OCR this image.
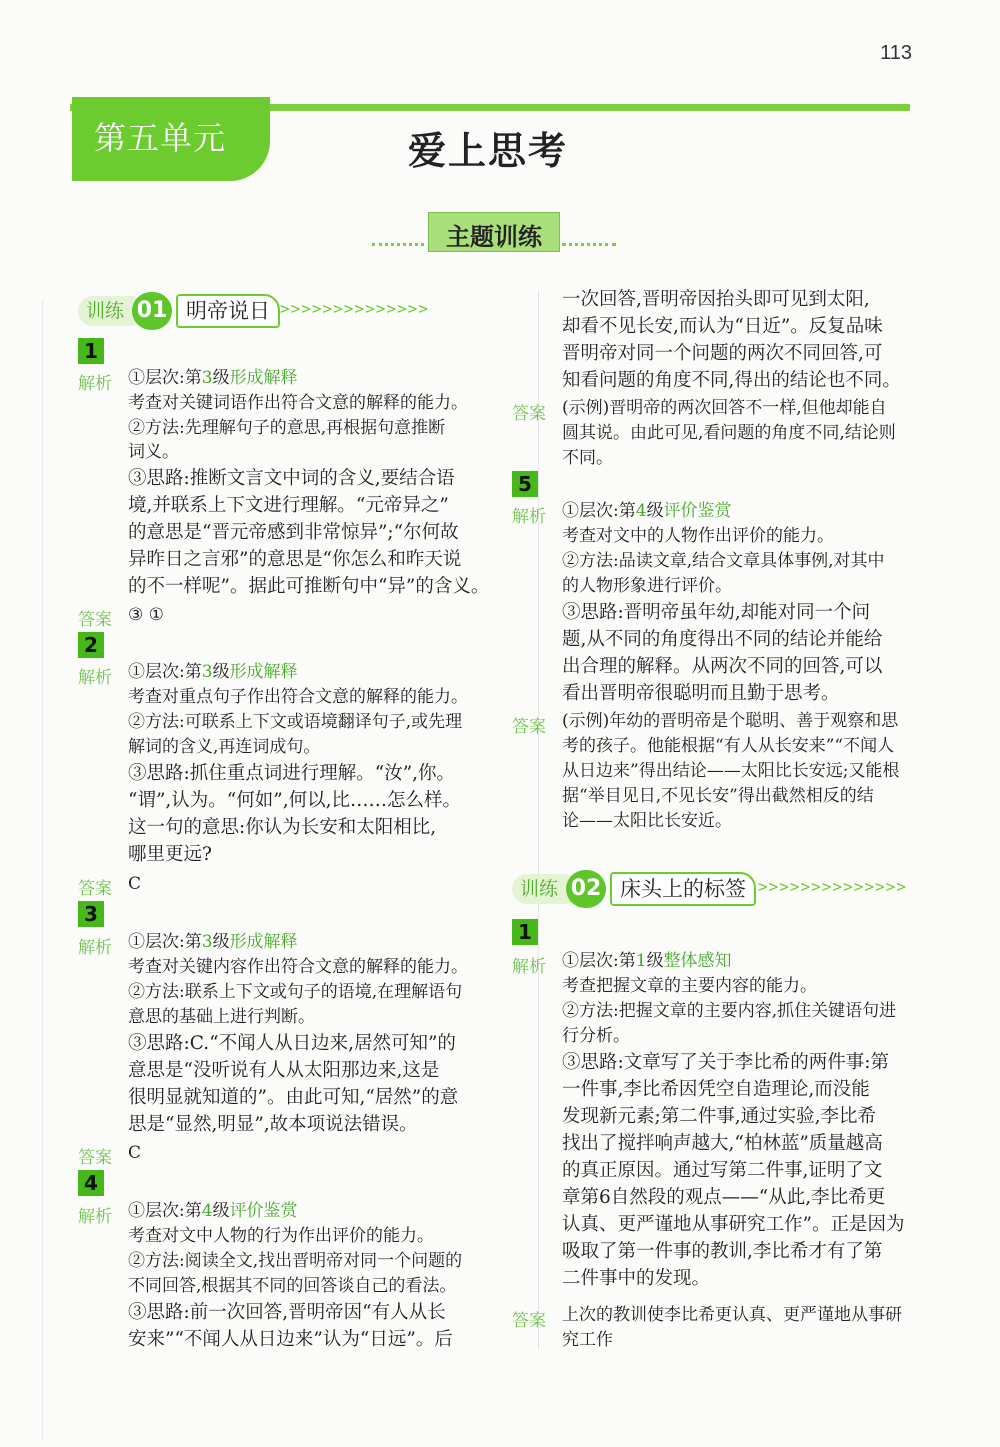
113
第五单元	爱上思考
主题训练
训练 01 明帝说日 >>>>>>>>>>>>>>
1
解析 ①层次:第3级形成解释
考查对关键词语作出符合文意的解释的能力。
②方法:先理解句子的意思,再根据句意推断
词义。
③思路:推断文言文中词的含义,要结合语
境,并联系上下文进行理解。“元帝异之”
的意思是“晋元帝感到非常惊异”;“尔何故
异昨日之言邪”的意思是“你怎么和昨天说
的不一样呢”。据此可推断句中“异”的含义。
答案 ③ ①
2
解析 ①层次:第3级形成解释
考查对重点句子作出符合文意的解释的能力。
②方法:可联系上下文或语境翻译句子,或先理
解词的含义,再连词成句。
③思路:抓住重点词进行理解。“汝”,你。
“谓”,认为。“何如”,何以,比……怎么样。
这一句的意思:你认为长安和太阳相比,
哪里更远?
答案 C
3
解析 ①层次:第3级形成解释
考查对关键内容作出符合文意的解释的能力。
②方法:联系上下文或句子的语境,在理解语句
意思的基础上进行判断。
③思路:C.“不闻人从日边来,居然可知”的
意思是“没听说有人从太阳那边来,这是
很明显就知道的”。由此可知,“居然”的意
思是“显然,明显”,故本项说法错误。
答案 C
4
解析 ①层次:第4级评价鉴赏
考查对文中人物的行为作出评价的能力。
②方法:阅读全文,找出晋明帝对同一个问题的
不同回答,根据其不同的回答谈自己的看法。
③思路:前一次回答,晋明帝因“有人从长
安来”“不闻人从日边来”认为“日远”。后
一次回答,晋明帝因抬头即可见到太阳,
却看不见长安,而认为“日近”。反复品味
晋明帝对同一个问题的两次不同回答,可
知看问题的角度不同,得出的结论也不同。
答案 (示例)晋明帝的两次回答不一样,但他却能自
圆其说。由此可见,看问题的角度不同,结论则
不同。
5
解析 ①层次:第4级评价鉴赏
考查对文中的人物作出评价的能力。
②方法:品读文章,结合文章具体事例,对其中
的人物形象进行评价。
③思路:晋明帝虽年幼,却能对同一个问
题,从不同的角度得出不同的结论并能给
出合理的解释。从两次不同的回答,可以
看出晋明帝很聪明而且勤于思考。
答案 (示例)年幼的晋明帝是个聪明、善于观察和思
考的孩子。他能根据“有人从长安来”“不闻人
从日边来”得出结论——太阳比长安远;又能根
据“举目见日,不见长安”得出截然相反的结
论——太阳比长安近。
训练 02 床头上的标签 >>>>>>>>>>>>>>
1
解析 ①层次:第1级整体感知
考查把握文章的主要内容的能力。
②方法:把握文章的主要内容,抓住关键语句进
行分析。
③思路:文章写了关于李比希的两件事:第
一件事,李比希因凭空自造理论,而没能
发现新元素;第二件事,通过实验,李比希
找出了搅拌响声越大,“柏林蓝”质量越高
的真正原因。通过写第二件事,证明了文
章第6自然段的观点——“从此,李比希更
认真、更严谨地从事研究工作”。正是因为
吸取了第一件事的教训,李比希才有了第
二件事中的发现。
答案 上次的教训使李比希更认真、更严谨地从事研
究工作
